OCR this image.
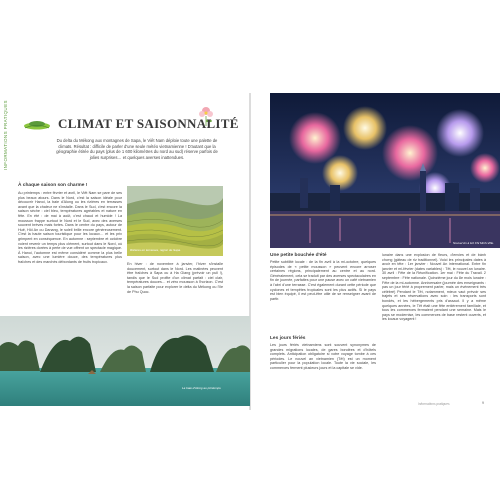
INFORMATIONS PRATIQUES	CLIMAT ET SAISONNALITÉ
Du delta du Mékong aux montagnes de Sapa, le Viêt Nam déploie toute une palette de climats. Résultat : difficile de parler d'une seule météo vietnamienne ! D'autant que la géographie étirée du pays (plus de 1 600 kilomètres du nord au sud) réserve parfois de jolies surprises… et quelques averses inattendues.
À chaque saison son charme !
Au printemps : entre février et avril, le Viêt Nam se pare de ses plus beaux atours. Dans le Nord, c'est la saison idéale pour découvrir Hanoi, la baie d'Along ou les rizières en terrasses avant que la chaleur ne s'installe. Dans le Sud, c'est encore la saison sèche : ciel bleu, températures agréables et nature en fête. En été : de mai à août, c'est chaud et humide ! La mousson frappe surtout le Nord et le Sud, avec des averses souvent brèves mais fortes. Dans le centre du pays, autour de Huê, Hôi An ou Danang, le soleil brille encore généreusement. C'est la haute saison touristique pour les locaux… et les prix grimpent en conséquence. En automne : septembre et octobre voient revenir un temps plus clément, surtout dans le Nord, où les rizières dorées à perte de vue offrent un spectacle magique. À Hanoi, l'automne est même considéré comme la plus belle saison, avec une lumière douce, des températures plus fraîches et des marchés débordants de fruits tropicaux.
Rizières en terrasses, région de Sapa.
En hiver : de novembre à janvier, l'hiver s'installe doucement, surtout dans le Nord. Les matinées peuvent être fraîches à Sapa ou à Ha Giang (prévoir un pull !), tandis que le Sud profite d'un climat parfait : ciel clair, températures douces… et zéro mousson à l'horizon. C'est la saison parfaite pour explorer le delta du Mékong ou l'île de Phu Quoc.
La baie d'Along au printemps
Nouvel An à Hô Chi Minh-Ville.
Une petite bouchée d'été
Petite subtilité locale : de la fin avril à la mi-octobre, quelques épisodes de « petite mousson » peuvent encore arroser certaines régions, principalement au centre et au nord. Généralement, cela se traduit par des averses spectaculaires en fin de journée, parfaites pour une pause avec un café vietnamien à l'abri d'une terrasse. C'est également durant cette période que cyclones et tempêtes tropicales sont les plus actifs. Si le pays est bien équipé, il est peut-être utile de se renseigner avant de partir.
Les jours fériés
Les jours fériés vietnamiens sont souvent synonymes de grandes migrations locales, de gares bondées et d'hôtels complets. Anticipation obligatoire si votre voyage tombe à ces périodes. Le nouvel an vietnamien (Têt) est un moment particulier pour la population locale. Toute la vie sociale, les commerces ferment plusieurs jours et la capitale se vide.
lunaire dans une explosion de fleurs, d'envies et de bánh chưng (gâteau de riz traditionnel). Voici les principales dates à avoir en tête : 1er janvier : Nouvel An international. Entre fin janvier et mi-février (dates variables) : Têt, le nouvel an lunaire. 30 avril : Fête de la Réunification. 1er mai : Fête du Travail. 2 septembre : Fête nationale. Quinzième jour du 8e mois lunaire : Fête de la mi-automne. Anniversaire (journée des enseignants : pas un jour férié à proprement parler, mais un événement très célébré) Pendant le Têt, notamment, mieux vaut prévoir ses trajets et ses réservations avec soin : les transports sont bondés, et les hébergements pris d'assaut. Il y a même quelques années, le Têt était une fête entièrement familiale, et tous les commerces fermaient pendant une semaine. Mais le pays se modernise, les commerces de base restent ouverts, et les locaux voyagent !
Informations pratiques	9
